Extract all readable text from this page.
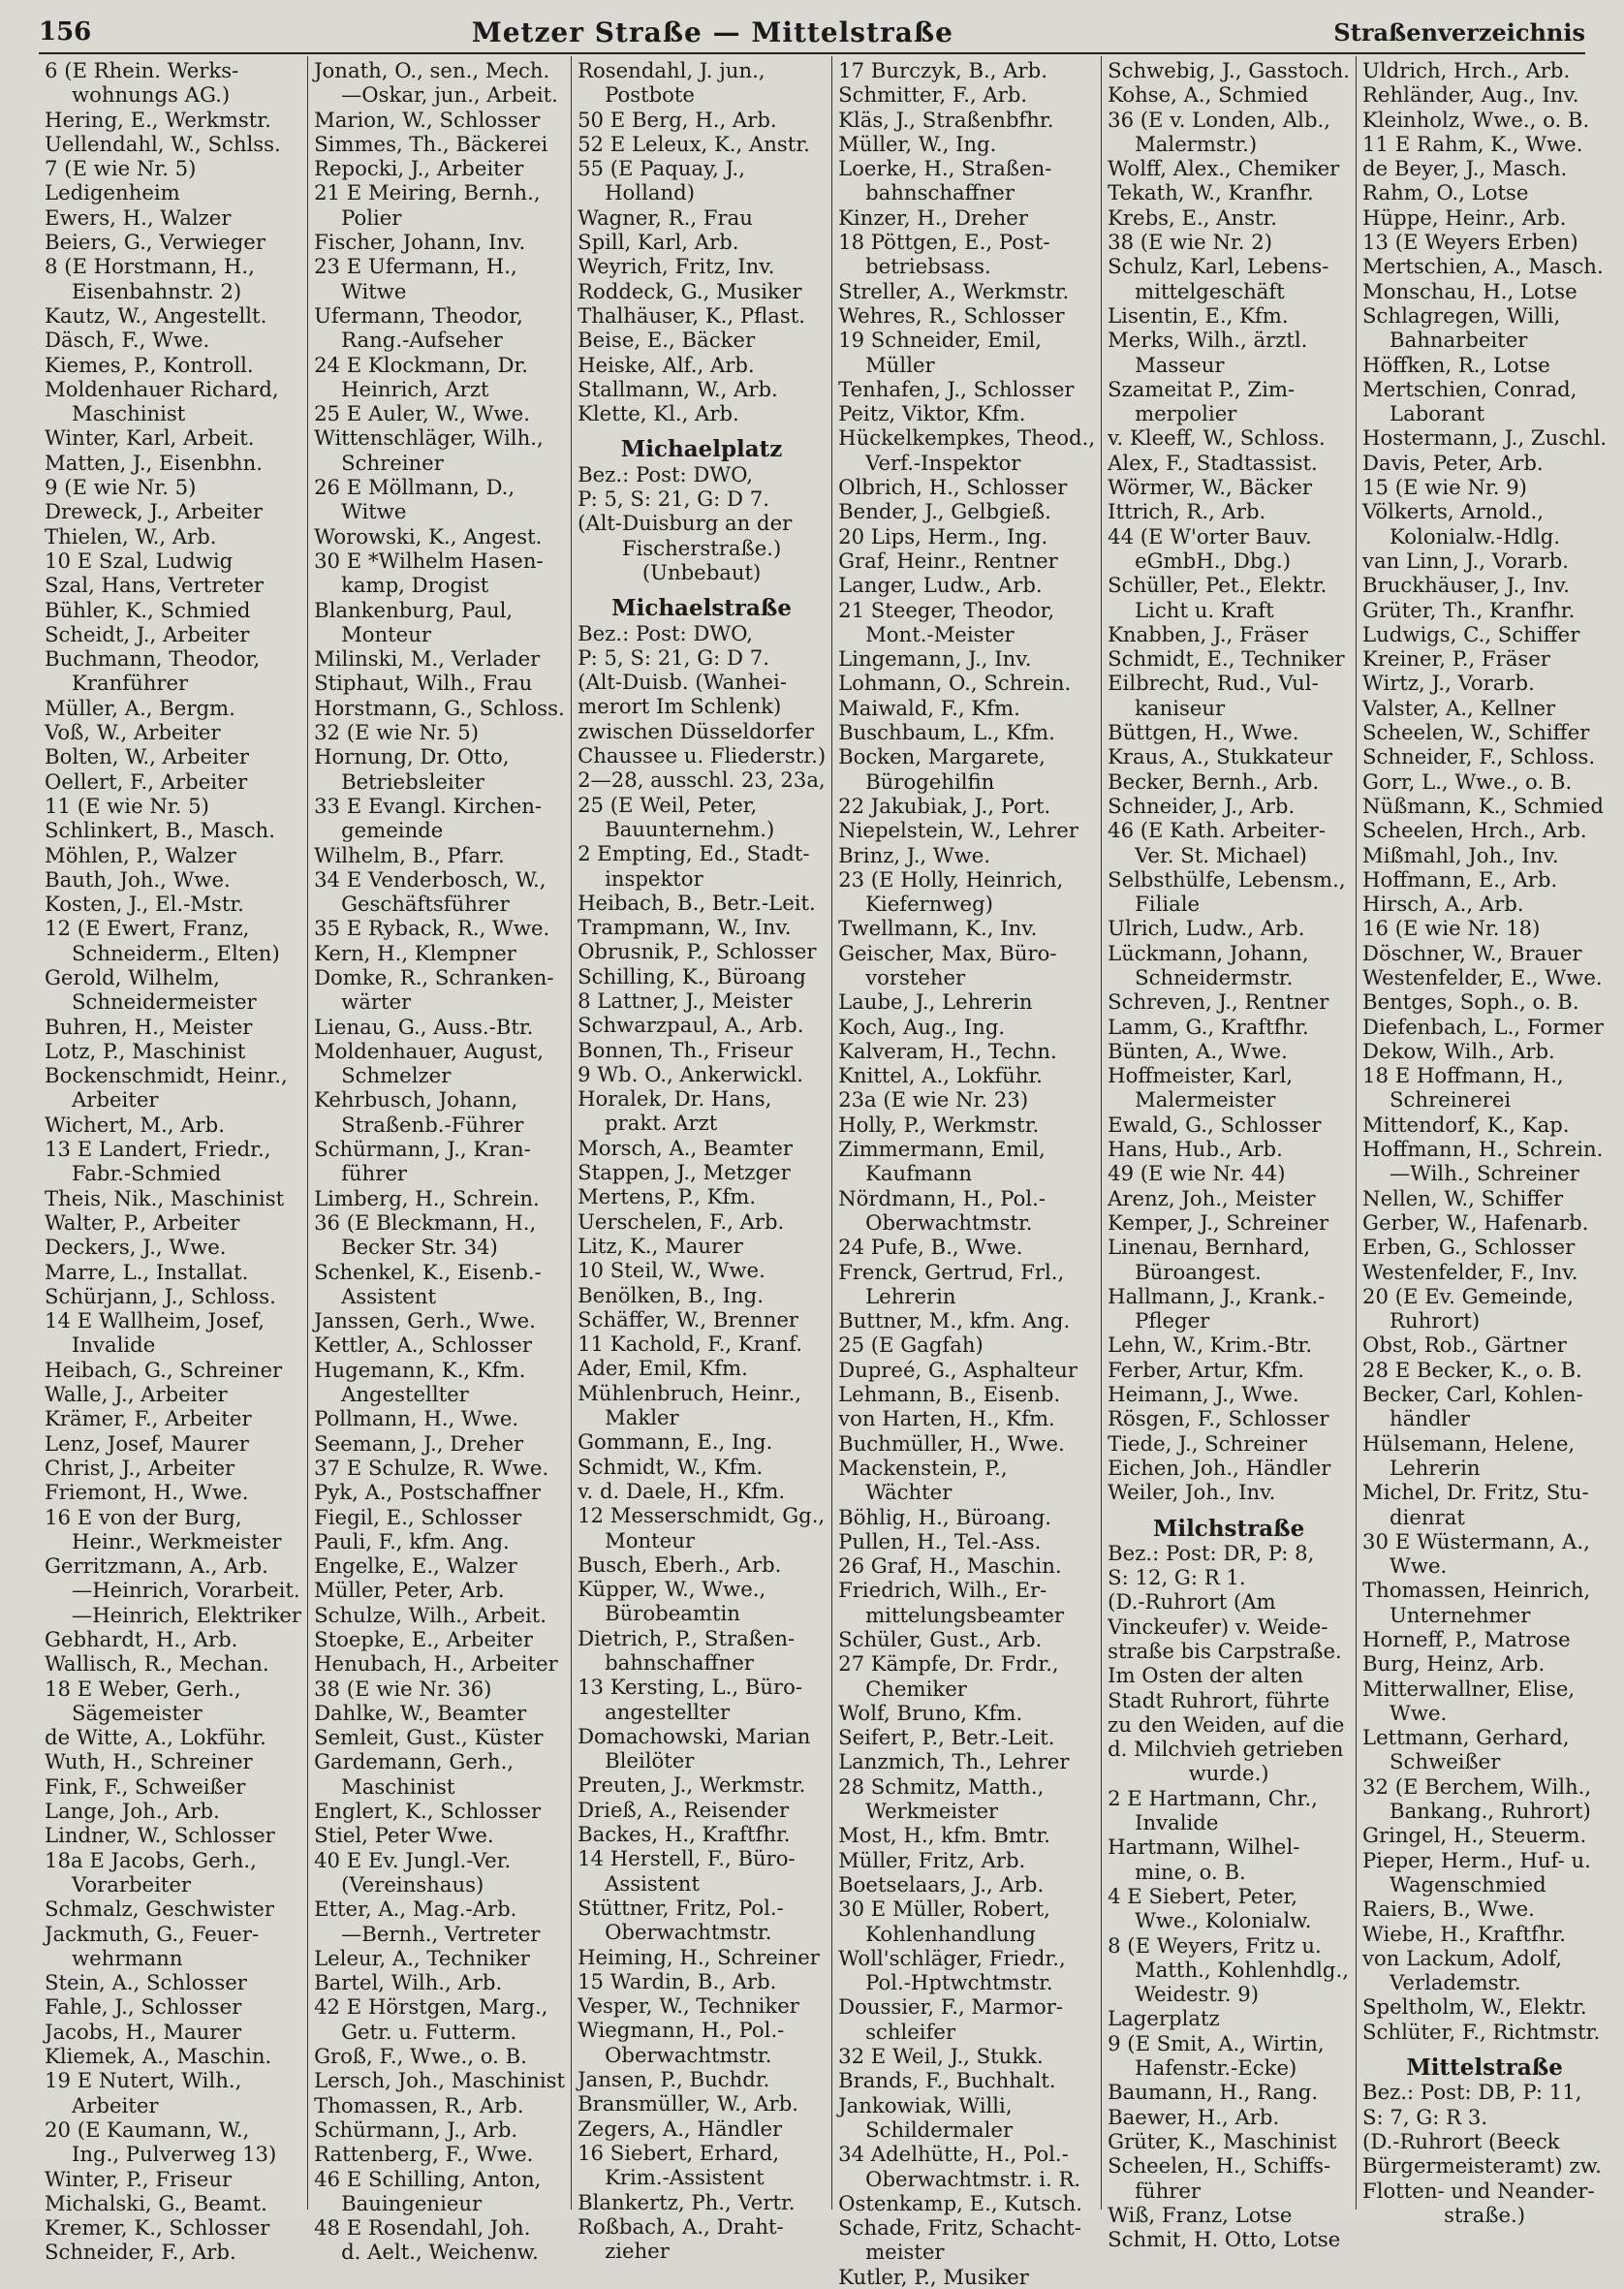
156	Metzer Straße — Mittelstraße	Straßenverzeichnis
6 (E Rhein. Werks-
wohnungs AG.)
Hering, E., Werkmstr.
Uellendahl, W., Schlss.
7 (E wie Nr. 5)
Ledigenheim
Ewers, H., Walzer
Beiers, G., Verwieger
8 (E Horstmann, H.,
Eisenbahnstr. 2)
Kautz, W., Angestellt.
Däsch, F., Wwe.
Kiemes, P., Kontroll.
Moldenhauer Richard,
Maschinist
Winter, Karl, Arbeit.
Matten, J., Eisenbhn.
9 (E wie Nr. 5)
Dreweck, J., Arbeiter
Thielen, W., Arb.
10 E Szal, Ludwig
Szal, Hans, Vertreter
Bühler, K., Schmied
Scheidt, J., Arbeiter
Buchmann, Theodor,
Kranführer
Müller, A., Bergm.
Voß, W., Arbeiter
Bolten, W., Arbeiter
Oellert, F., Arbeiter
11 (E wie Nr. 5)
Schlinkert, B., Masch.
Möhlen, P., Walzer
Bauth, Joh., Wwe.
Kosten, J., El.-Mstr.
12 (E Ewert, Franz,
Schneiderm., Elten)
Gerold, Wilhelm,
Schneidermeister
Buhren, H., Meister
Lotz, P., Maschinist
Bockenschmidt, Heinr.,
Arbeiter
Wichert, M., Arb.
13 E Landert, Friedr.,
Fabr.-Schmied
Theis, Nik., Maschinist
Walter, P., Arbeiter
Deckers, J., Wwe.
Marre, L., Installat.
Schürjann, J., Schloss.
14 E Wallheim, Josef,
Invalide
Heibach, G., Schreiner
Walle, J., Arbeiter
Krämer, F., Arbeiter
Lenz, Josef, Maurer
Christ, J., Arbeiter
Friemont, H., Wwe.
16 E von der Burg,
Heinr., Werkmeister
Gerritzmann, A., Arb.
—Heinrich, Vorarbeit.
—Heinrich, Elektriker
Gebhardt, H., Arb.
Wallisch, R., Mechan.
18 E Weber, Gerh.,
Sägemeister
de Witte, A., Lokführ.
Wuth, H., Schreiner
Fink, F., Schweißer
Lange, Joh., Arb.
Lindner, W., Schlosser
18a E Jacobs, Gerh.,
Vorarbeiter
Schmalz, Geschwister
Jackmuth, G., Feuer-
wehrmann
Stein, A., Schlosser
Fahle, J., Schlosser
Jacobs, H., Maurer
Kliemek, A., Maschin.
19 E Nutert, Wilh.,
Arbeiter
20 (E Kaumann, W.,
Ing., Pulverweg 13)
Winter, P., Friseur
Michalski, G., Beamt.
Kremer, K., Schlosser
Schneider, F., Arb.
Jonath, O., sen., Mech.
—Oskar, jun., Arbeit.
Marion, W., Schlosser
Simmes, Th., Bäckerei
Repocki, J., Arbeiter
21 E Meiring, Bernh.,
Polier
Fischer, Johann, Inv.
23 E Ufermann, H.,
Witwe
Ufermann, Theodor,
Rang.-Aufseher
24 E Klockmann, Dr.
Heinrich, Arzt
25 E Auler, W., Wwe.
Wittenschläger, Wilh.,
Schreiner
26 E Möllmann, D.,
Witwe
Worowski, K., Angest.
30 E *Wilhelm Hasen-
kamp, Drogist
Blankenburg, Paul,
Monteur
Milinski, M., Verlader
Stiphaut, Wilh., Frau
Horstmann, G., Schloss.
32 (E wie Nr. 5)
Hornung, Dr. Otto,
Betriebsleiter
33 E Evangl. Kirchen-
gemeinde
Wilhelm, B., Pfarr.
34 E Venderbosch, W.,
Geschäftsführer
35 E Ryback, R., Wwe.
Kern, H., Klempner
Domke, R., Schranken-
wärter
Lienau, G., Auss.-Btr.
Moldenhauer, August,
Schmelzer
Kehrbusch, Johann,
Straßenb.-Führer
Schürmann, J., Kran-
führer
Limberg, H., Schrein.
36 (E Bleckmann, H.,
Becker Str. 34)
Schenkel, K., Eisenb.-
Assistent
Janssen, Gerh., Wwe.
Kettler, A., Schlosser
Hugemann, K., Kfm.
Angestellter
Pollmann, H., Wwe.
Seemann, J., Dreher
37 E Schulze, R. Wwe.
Pyk, A., Postschaffner
Fiegil, E., Schlosser
Pauli, F., kfm. Ang.
Engelke, E., Walzer
Müller, Peter, Arb.
Schulze, Wilh., Arbeit.
Stoepke, E., Arbeiter
Henubach, H., Arbeiter
38 (E wie Nr. 36)
Dahlke, W., Beamter
Semleit, Gust., Küster
Gardemann, Gerh.,
Maschinist
Englert, K., Schlosser
Stiel, Peter Wwe.
40 E Ev. Jungl.-Ver.
(Vereinshaus)
Etter, A., Mag.-Arb.
—Bernh., Vertreter
Leleur, A., Techniker
Bartel, Wilh., Arb.
42 E Hörstgen, Marg.,
Getr. u. Futterm.
Groß, F., Wwe., o. B.
Lersch, Joh., Maschinist
Thomassen, R., Arb.
Schürmann, J., Arb.
Rattenberg, F., Wwe.
46 E Schilling, Anton,
Bauingenieur
48 E Rosendahl, Joh.
d. Aelt., Weichenw.
Rosendahl, J. jun.,
Postbote
50 E Berg, H., Arb.
52 E Leleux, K., Anstr.
55 (E Paquay, J.,
Holland)
Wagner, R., Frau
Spill, Karl, Arb.
Weyrich, Fritz, Inv.
Roddeck, G., Musiker
Thalhäuser, K., Pflast.
Beise, E., Bäcker
Heiske, Alf., Arb.
Stallmann, W., Arb.
Klette, Kl., Arb.
Michaelplatz
Bez.: Post: DWO,
P: 5, S: 21, G: D 7.
(Alt-Duisburg an der
Fischerstraße.)
(Unbebaut)
Michaelstraße
Bez.: Post: DWO,
P: 5, S: 21, G: D 7.
(Alt-Duisb. (Wanhei-
merort Im Schlenk)
zwischen Düsseldorfer
Chaussee u. Fliederstr.)
2—28, ausschl. 23, 23a,
25 (E Weil, Peter,
Bauunternehm.)
2 Empting, Ed., Stadt-
inspektor
Heibach, B., Betr.-Leit.
Trampmann, W., Inv.
Obrusnik, P., Schlosser
Schilling, K., Büroang
8 Lattner, J., Meister
Schwarzpaul, A., Arb.
Bonnen, Th., Friseur
9 Wb. O., Ankerwickl.
Horalek, Dr. Hans,
prakt. Arzt
Morsch, A., Beamter
Stappen, J., Metzger
Mertens, P., Kfm.
Uerschelen, F., Arb.
Litz, K., Maurer
10 Steil, W., Wwe.
Benölken, B., Ing.
Schäffer, W., Brenner
11 Kachold, F., Kranf.
Ader, Emil, Kfm.
Mühlenbruch, Heinr.,
Makler
Gommann, E., Ing.
Schmidt, W., Kfm.
v. d. Daele, H., Kfm.
12 Messerschmidt, Gg.,
Monteur
Busch, Eberh., Arb.
Küpper, W., Wwe.,
Bürobeamtin
Dietrich, P., Straßen-
bahnschaffner
13 Kersting, L., Büro-
angestellter
Domachowski, Marian
Bleilöter
Preuten, J., Werkmstr.
Drieß, A., Reisender
Backes, H., Kraftfhr.
14 Herstell, F., Büro-
Assistent
Stüttner, Fritz, Pol.-
Oberwachtmstr.
Heiming, H., Schreiner
15 Wardin, B., Arb.
Vesper, W., Techniker
Wiegmann, H., Pol.-
Oberwachtmstr.
Jansen, P., Buchdr.
Bransmüller, W., Arb.
Zegers, A., Händler
16 Siebert, Erhard,
Krim.-Assistent
Blankertz, Ph., Vertr.
Roßbach, A., Draht-
zieher
17 Burczyk, B., Arb.
Schmitter, F., Arb.
Kläs, J., Straßenbfhr.
Müller, W., Ing.
Loerke, H., Straßen-
bahnschaffner
Kinzer, H., Dreher
18 Pöttgen, E., Post-
betriebsass.
Streller, A., Werkmstr.
Wehres, R., Schlosser
19 Schneider, Emil,
Müller
Tenhafen, J., Schlosser
Peitz, Viktor, Kfm.
Hückelkempkes, Theod.,
Verf.-Inspektor
Olbrich, H., Schlosser
Bender, J., Gelbgieß.
20 Lips, Herm., Ing.
Graf, Heinr., Rentner
Langer, Ludw., Arb.
21 Steeger, Theodor,
Mont.-Meister
Lingemann, J., Inv.
Lohmann, O., Schrein.
Maiwald, F., Kfm.
Buschbaum, L., Kfm.
Bocken, Margarete,
Bürogehilfin
22 Jakubiak, J., Port.
Niepelstein, W., Lehrer
Brinz, J., Wwe.
23 (E Holly, Heinrich,
Kiefernweg)
Twellmann, K., Inv.
Geischer, Max, Büro-
vorsteher
Laube, J., Lehrerin
Koch, Aug., Ing.
Kalveram, H., Techn.
Knittel, A., Lokführ.
23a (E wie Nr. 23)
Holly, P., Werkmstr.
Zimmermann, Emil,
Kaufmann
Nördmann, H., Pol.-
Oberwachtmstr.
24 Pufe, B., Wwe.
Frenck, Gertrud, Frl.,
Lehrerin
Buttner, M., kfm. Ang.
25 (E Gagfah)
Dupreé, G., Asphalteur
Lehmann, B., Eisenb.
von Harten, H., Kfm.
Buchmüller, H., Wwe.
Mackenstein, P.,
Wächter
Böhlig, H., Büroang.
Pullen, H., Tel.-Ass.
26 Graf, H., Maschin.
Friedrich, Wilh., Er-
mittelungsbeamter
Schüler, Gust., Arb.
27 Kämpfe, Dr. Frdr.,
Chemiker
Wolf, Bruno, Kfm.
Seifert, P., Betr.-Leit.
Lanzmich, Th., Lehrer
28 Schmitz, Matth.,
Werkmeister
Most, H., kfm. Bmtr.
Müller, Fritz, Arb.
Boetselaars, J., Arb.
30 E Müller, Robert,
Kohlenhandlung
Woll'schläger, Friedr.,
Pol.-Hptwchtmstr.
Doussier, F., Marmor-
schleifer
32 E Weil, J., Stukk.
Brands, F., Buchhalt.
Jankowiak, Willi,
Schildermaler
34 Adelhütte, H., Pol.-
Oberwachtmstr. i. R.
Ostenkamp, E., Kutsch.
Schade, Fritz, Schacht-
meister
Kutler, P., Musiker
Schwebig, J., Gasstoch.
Kohse, A., Schmied
36 (E v. Londen, Alb.,
Malermstr.)
Wolff, Alex., Chemiker
Tekath, W., Kranfhr.
Krebs, E., Anstr.
38 (E wie Nr. 2)
Schulz, Karl, Lebens-
mittelgeschäft
Lisentin, E., Kfm.
Merks, Wilh., ärztl.
Masseur
Szameitat P., Zim-
merpolier
v. Kleeff, W., Schloss.
Alex, F., Stadtassist.
Wörmer, W., Bäcker
Ittrich, R., Arb.
44 (E W'orter Bauv.
eGmbH., Dbg.)
Schüller, Pet., Elektr.
Licht u. Kraft
Knabben, J., Fräser
Schmidt, E., Techniker
Eilbrecht, Rud., Vul-
kaniseur
Büttgen, H., Wwe.
Kraus, A., Stukkateur
Becker, Bernh., Arb.
Schneider, J., Arb.
46 (E Kath. Arbeiter-
Ver. St. Michael)
Selbsthülfe, Lebensm.,
Filiale
Ulrich, Ludw., Arb.
Lückmann, Johann,
Schneidermstr.
Schreven, J., Rentner
Lamm, G., Kraftfhr.
Bünten, A., Wwe.
Hoffmeister, Karl,
Malermeister
Ewald, G., Schlosser
Hans, Hub., Arb.
49 (E wie Nr. 44)
Arenz, Joh., Meister
Kemper, J., Schreiner
Linenau, Bernhard,
Büroangest.
Hallmann, J., Krank.-
Pfleger
Lehn, W., Krim.-Btr.
Ferber, Artur, Kfm.
Heimann, J., Wwe.
Rösgen, F., Schlosser
Tiede, J., Schreiner
Eichen, Joh., Händler
Weiler, Joh., Inv.
Milchstraße
Bez.: Post: DR, P: 8,
S: 12, G: R 1.
(D.-Ruhrort (Am
Vinckeufer) v. Weide-
straße bis Carpstraße.
Im Osten der alten
Stadt Ruhrort, führte
zu den Weiden, auf die
d. Milchvieh getrieben
wurde.)
2 E Hartmann, Chr.,
Invalide
Hartmann, Wilhel-
mine, o. B.
4 E Siebert, Peter,
Wwe., Kolonialw.
8 (E Weyers, Fritz u.
Matth., Kohlenhdlg.,
Weidestr. 9)
Lagerplatz
9 (E Smit, A., Wirtin,
Hafenstr.-Ecke)
Baumann, H., Rang.
Baewer, H., Arb.
Grüter, K., Maschinist
Scheelen, H., Schiffs-
führer
Wiß, Franz, Lotse
Schmit, H. Otto, Lotse
Uldrich, Hrch., Arb.
Rehländer, Aug., Inv.
Kleinholz, Wwe., o. B.
11 E Rahm, K., Wwe.
de Beyer, J., Masch.
Rahm, O., Lotse
Hüppe, Heinr., Arb.
13 (E Weyers Erben)
Mertschien, A., Masch.
Monschau, H., Lotse
Schlagregen, Willi,
Bahnarbeiter
Höffken, R., Lotse
Mertschien, Conrad,
Laborant
Hostermann, J., Zuschl.
Davis, Peter, Arb.
15 (E wie Nr. 9)
Völkerts, Arnold.,
Kolonialw.-Hdlg.
van Linn, J., Vorarb.
Bruckhäuser, J., Inv.
Grüter, Th., Kranfhr.
Ludwigs, C., Schiffer
Kreiner, P., Fräser
Wirtz, J., Vorarb.
Valster, A., Kellner
Scheelen, W., Schiffer
Schneider, F., Schloss.
Gorr, L., Wwe., o. B.
Nüßmann, K., Schmied
Scheelen, Hrch., Arb.
Mißmahl, Joh., Inv.
Hoffmann, E., Arb.
Hirsch, A., Arb.
16 (E wie Nr. 18)
Döschner, W., Brauer
Westenfelder, E., Wwe.
Bentges, Soph., o. B.
Diefenbach, L., Former
Dekow, Wilh., Arb.
18 E Hoffmann, H.,
Schreinerei
Mittendorf, K., Kap.
Hoffmann, H., Schrein.
—Wilh., Schreiner
Nellen, W., Schiffer
Gerber, W., Hafenarb.
Erben, G., Schlosser
Westenfelder, F., Inv.
20 (E Ev. Gemeinde,
Ruhrort)
Obst, Rob., Gärtner
28 E Becker, K., o. B.
Becker, Carl, Kohlen-
händler
Hülsemann, Helene,
Lehrerin
Michel, Dr. Fritz, Stu-
dienrat
30 E Wüstermann, A.,
Wwe.
Thomassen, Heinrich,
Unternehmer
Horneff, P., Matrose
Burg, Heinz, Arb.
Mitterwallner, Elise,
Wwe.
Lettmann, Gerhard,
Schweißer
32 (E Berchem, Wilh.,
Bankang., Ruhrort)
Gringel, H., Steuerm.
Pieper, Herm., Huf- u.
Wagenschmied
Raiers, B., Wwe.
Wiebe, H., Kraftfhr.
von Lackum, Adolf,
Verlademstr.
Speltholm, W., Elektr.
Schlüter, F., Richtmstr.
Mittelstraße
Bez.: Post: DB, P: 11,
S: 7, G: R 3.
(D.-Ruhrort (Beeck
Bürgermeisteramt) zw.
Flotten- und Neander-
straße.)
